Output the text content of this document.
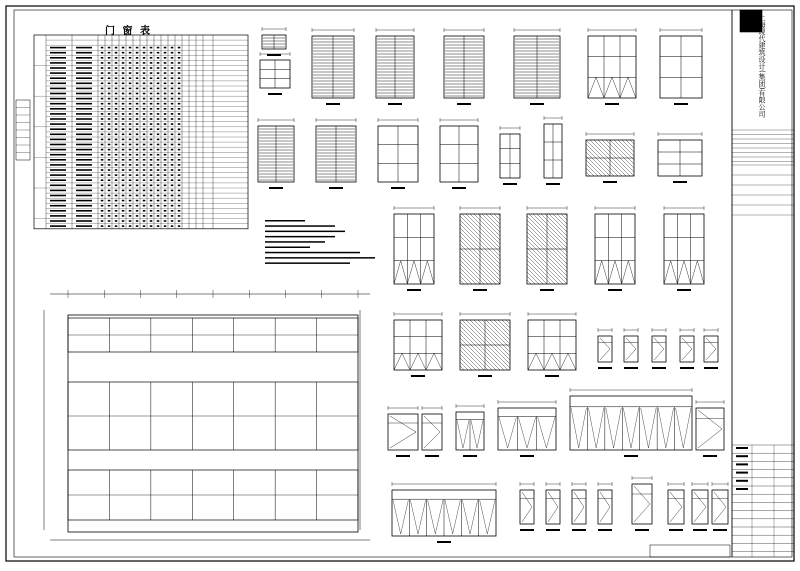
门 窗 表	上海现代建筑设计(集团)有限公司
